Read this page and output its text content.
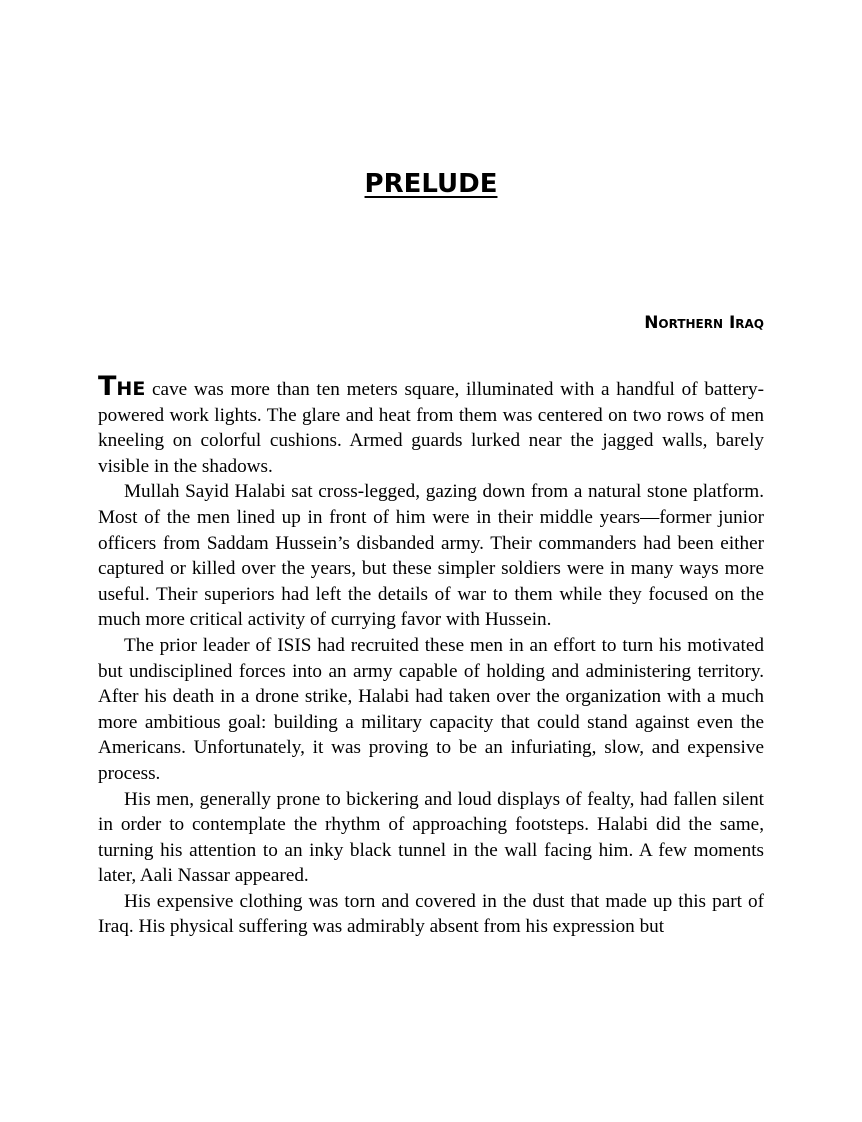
PRELUDE
Northern Iraq

The cave was more than ten meters square, illuminated with a handful of battery-powered work lights. The glare and heat from them was centered on two rows of men kneeling on colorful cushions. Armed guards lurked near the jagged walls, barely visible in the shadows.

Mullah Sayid Halabi sat cross-legged, gazing down from a natural stone platform. Most of the men lined up in front of him were in their middle years—former junior officers from Saddam Hussein’s disbanded army. Their commanders had been either captured or killed over the years, but these simpler soldiers were in many ways more useful. Their superiors had left the details of war to them while they focused on the much more critical activity of currying favor with Hussein.

The prior leader of ISIS had recruited these men in an effort to turn his motivated but undisciplined forces into an army capable of holding and administering territory. After his death in a drone strike, Halabi had taken over the organization with a much more ambitious goal: building a military capacity that could stand against even the Americans. Unfortunately, it was proving to be an infuriating, slow, and expensive process.

His men, generally prone to bickering and loud displays of fealty, had fallen silent in order to contemplate the rhythm of approaching footsteps. Halabi did the same, turning his attention to an inky black tunnel in the wall facing him. A few moments later, Aali Nassar appeared.

His expensive clothing was torn and covered in the dust that made up this part of Iraq. His physical suffering was admirably absent from his expression but
